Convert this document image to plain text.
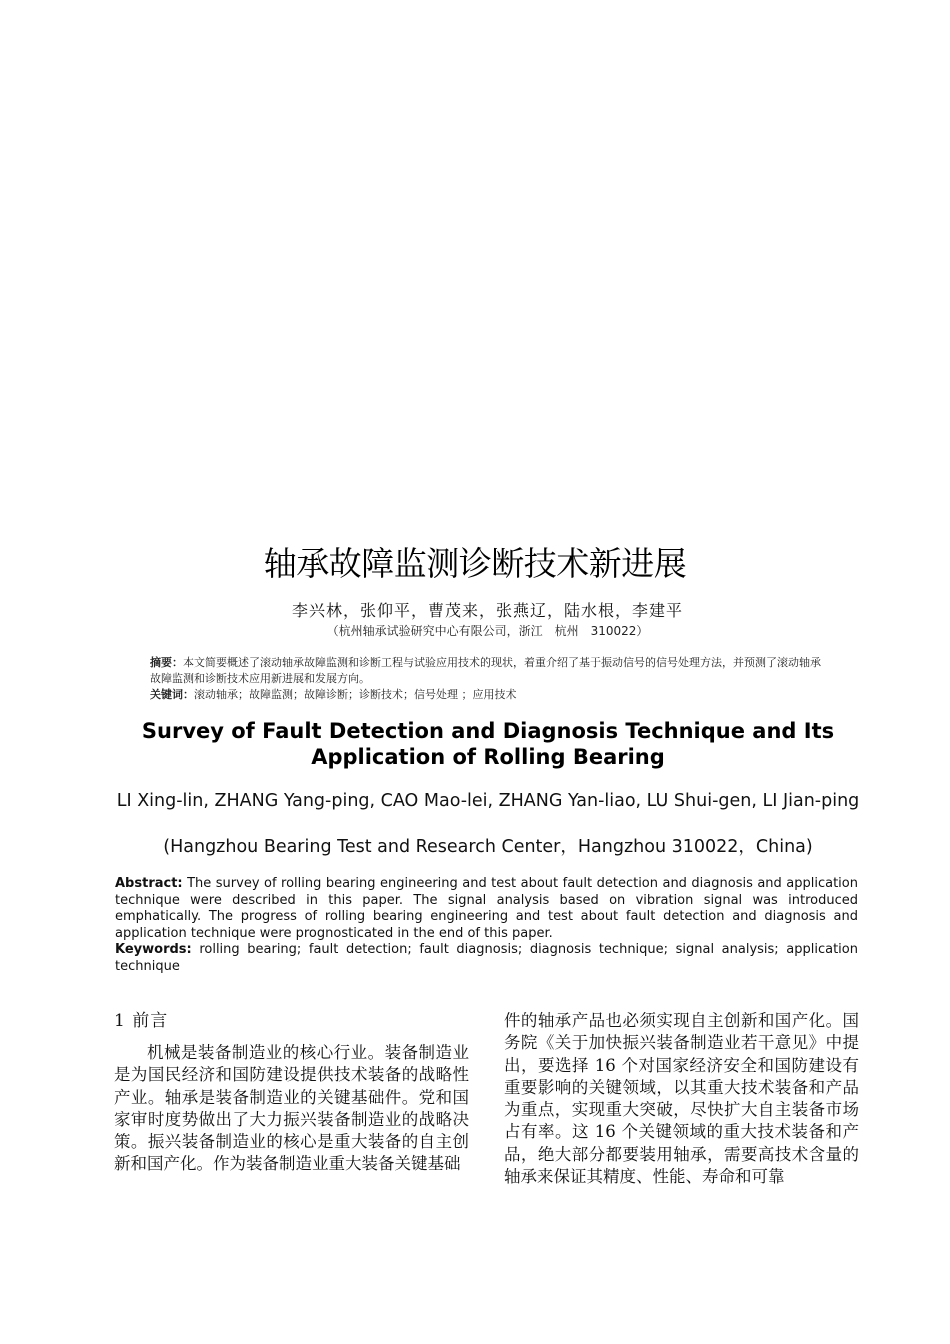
轴承故障监测诊断技术新进展
李兴林，张仰平，曹茂来，张燕辽，陆水根，李建平
（杭州轴承试验研究中心有限公司，浙江　杭州　310022）
摘要：本文简要概述了滚动轴承故障监测和诊断工程与试验应用技术的现状，着重介绍了基于振动信号的信号处理方法，并预测了滚动轴承故障监测和诊断技术应用新进展和发展方向。
关键词：滚动轴承；故障监测；故障诊断；诊断技术；信号处理 ；应用技术
Survey of Fault Detection and Diagnosis Technique and Its Application of Rolling Bearing
LI Xing-lin, ZHANG Yang-ping, CAO Mao-lei, ZHANG Yan-liao, LU Shui-gen, LI Jian-ping
(Hangzhou Bearing Test and Research Center，Hangzhou 310022，China)
Abstract: The survey of rolling bearing engineering and test about fault detection and diagnosis and application technique were described in this paper. The signal analysis based on vibration signal was introduced emphatically. The progress of rolling bearing engineering and test about fault detection and diagnosis and application technique were prognosticated in the end of this paper.
Keywords: rolling bearing; fault detection; fault diagnosis; diagnosis technique; signal analysis; application technique
1 前言

机械是装备制造业的核心行业。装备制造业是为国民经济和国防建设提供技术装备的战略性产业。轴承是装备制造业的关键基础件。党和国家审时度势做出了大力振兴装备制造业的战略决策。振兴装备制造业的核心是重大装备的自主创新和国产化。作为装备制造业重大装备关键基础

件的轴承产品也必须实现自主创新和国产化。国务院《关于加快振兴装备制造业若干意见》中提出，要选择 16 个对国家经济安全和国防建设有重要影响的关键领域，以其重大技术装备和产品为重点，实现重大突破，尽快扩大自主装备市场占有率。这 16 个关键领域的重大技术装备和产品，绝大部分都要装用轴承，需要高技术含量的轴承来保证其精度、性能、寿命和可靠
